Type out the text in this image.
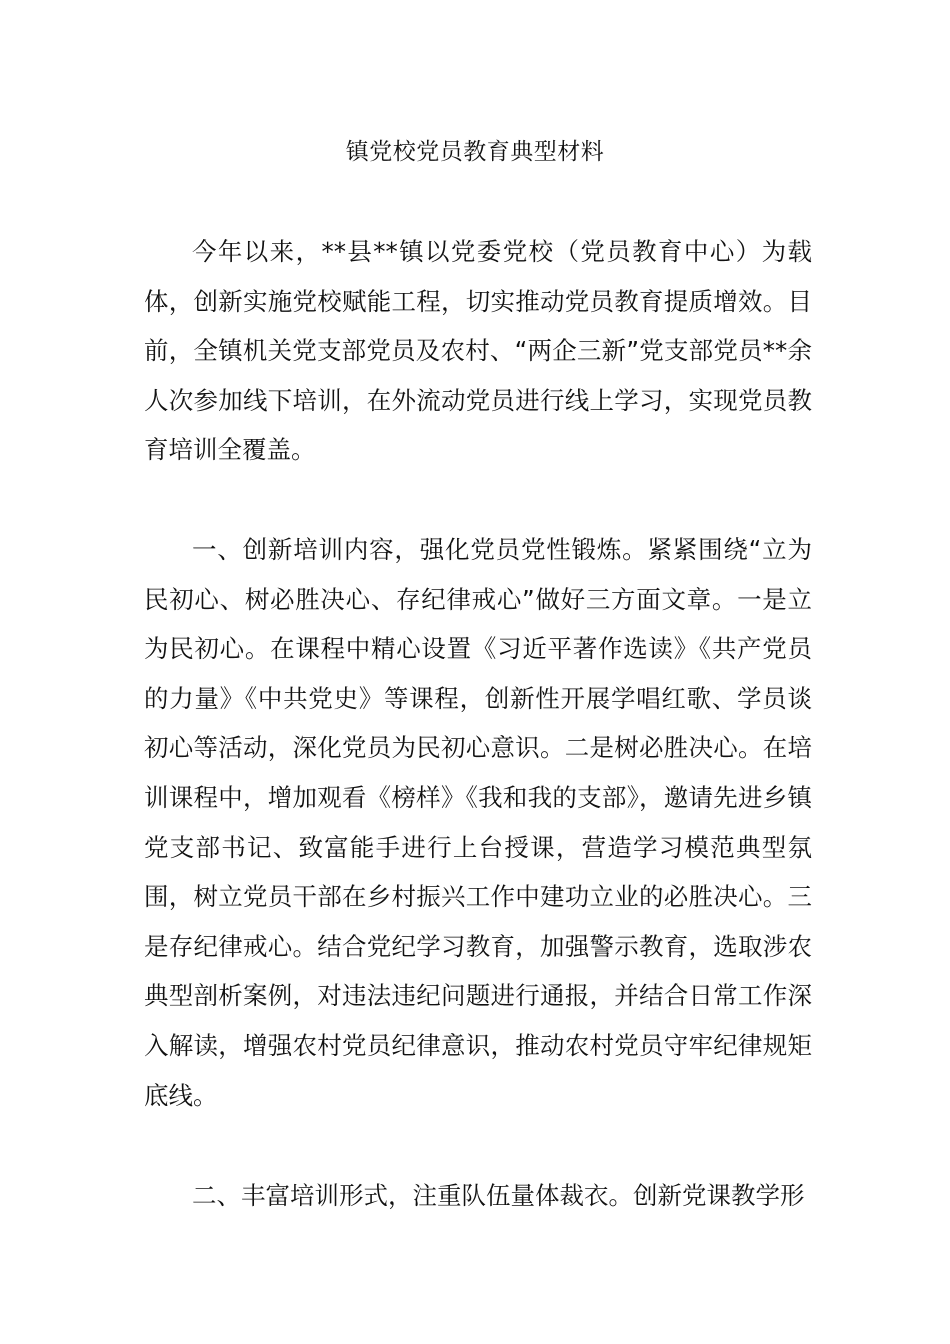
镇党校党员教育典型材料

今年以来，**县**镇以党委党校（党员教育中心）为载体，创新实施党校赋能工程，切实推动党员教育提质增效。目前，全镇机关党支部党员及农村、“两企三新”党支部党员**余人次参加线下培训，在外流动党员进行线上学习，实现党员教育培训全覆盖。

一、创新培训内容，强化党员党性锻炼。紧紧围绕“立为民初心、树必胜决心、存纪律戒心”做好三方面文章。一是立为民初心。在课程中精心设置《习近平著作选读》《共产党员的力量》《中共党史》等课程，创新性开展学唱红歌、学员谈初心等活动，深化党员为民初心意识。二是树必胜决心。在培训课程中，增加观看《榜样》《我和我的支部》，邀请先进乡镇党支部书记、致富能手进行上台授课，营造学习模范典型氛围，树立党员干部在乡村振兴工作中建功立业的必胜决心。三是存纪律戒心。结合党纪学习教育，加强警示教育，选取涉农典型剖析案例，对违法违纪问题进行通报，并结合日常工作深入解读，增强农村党员纪律意识，推动农村党员守牢纪律规矩底线。

二、丰富培训形式，注重队伍量体裁衣。创新党课教学形
